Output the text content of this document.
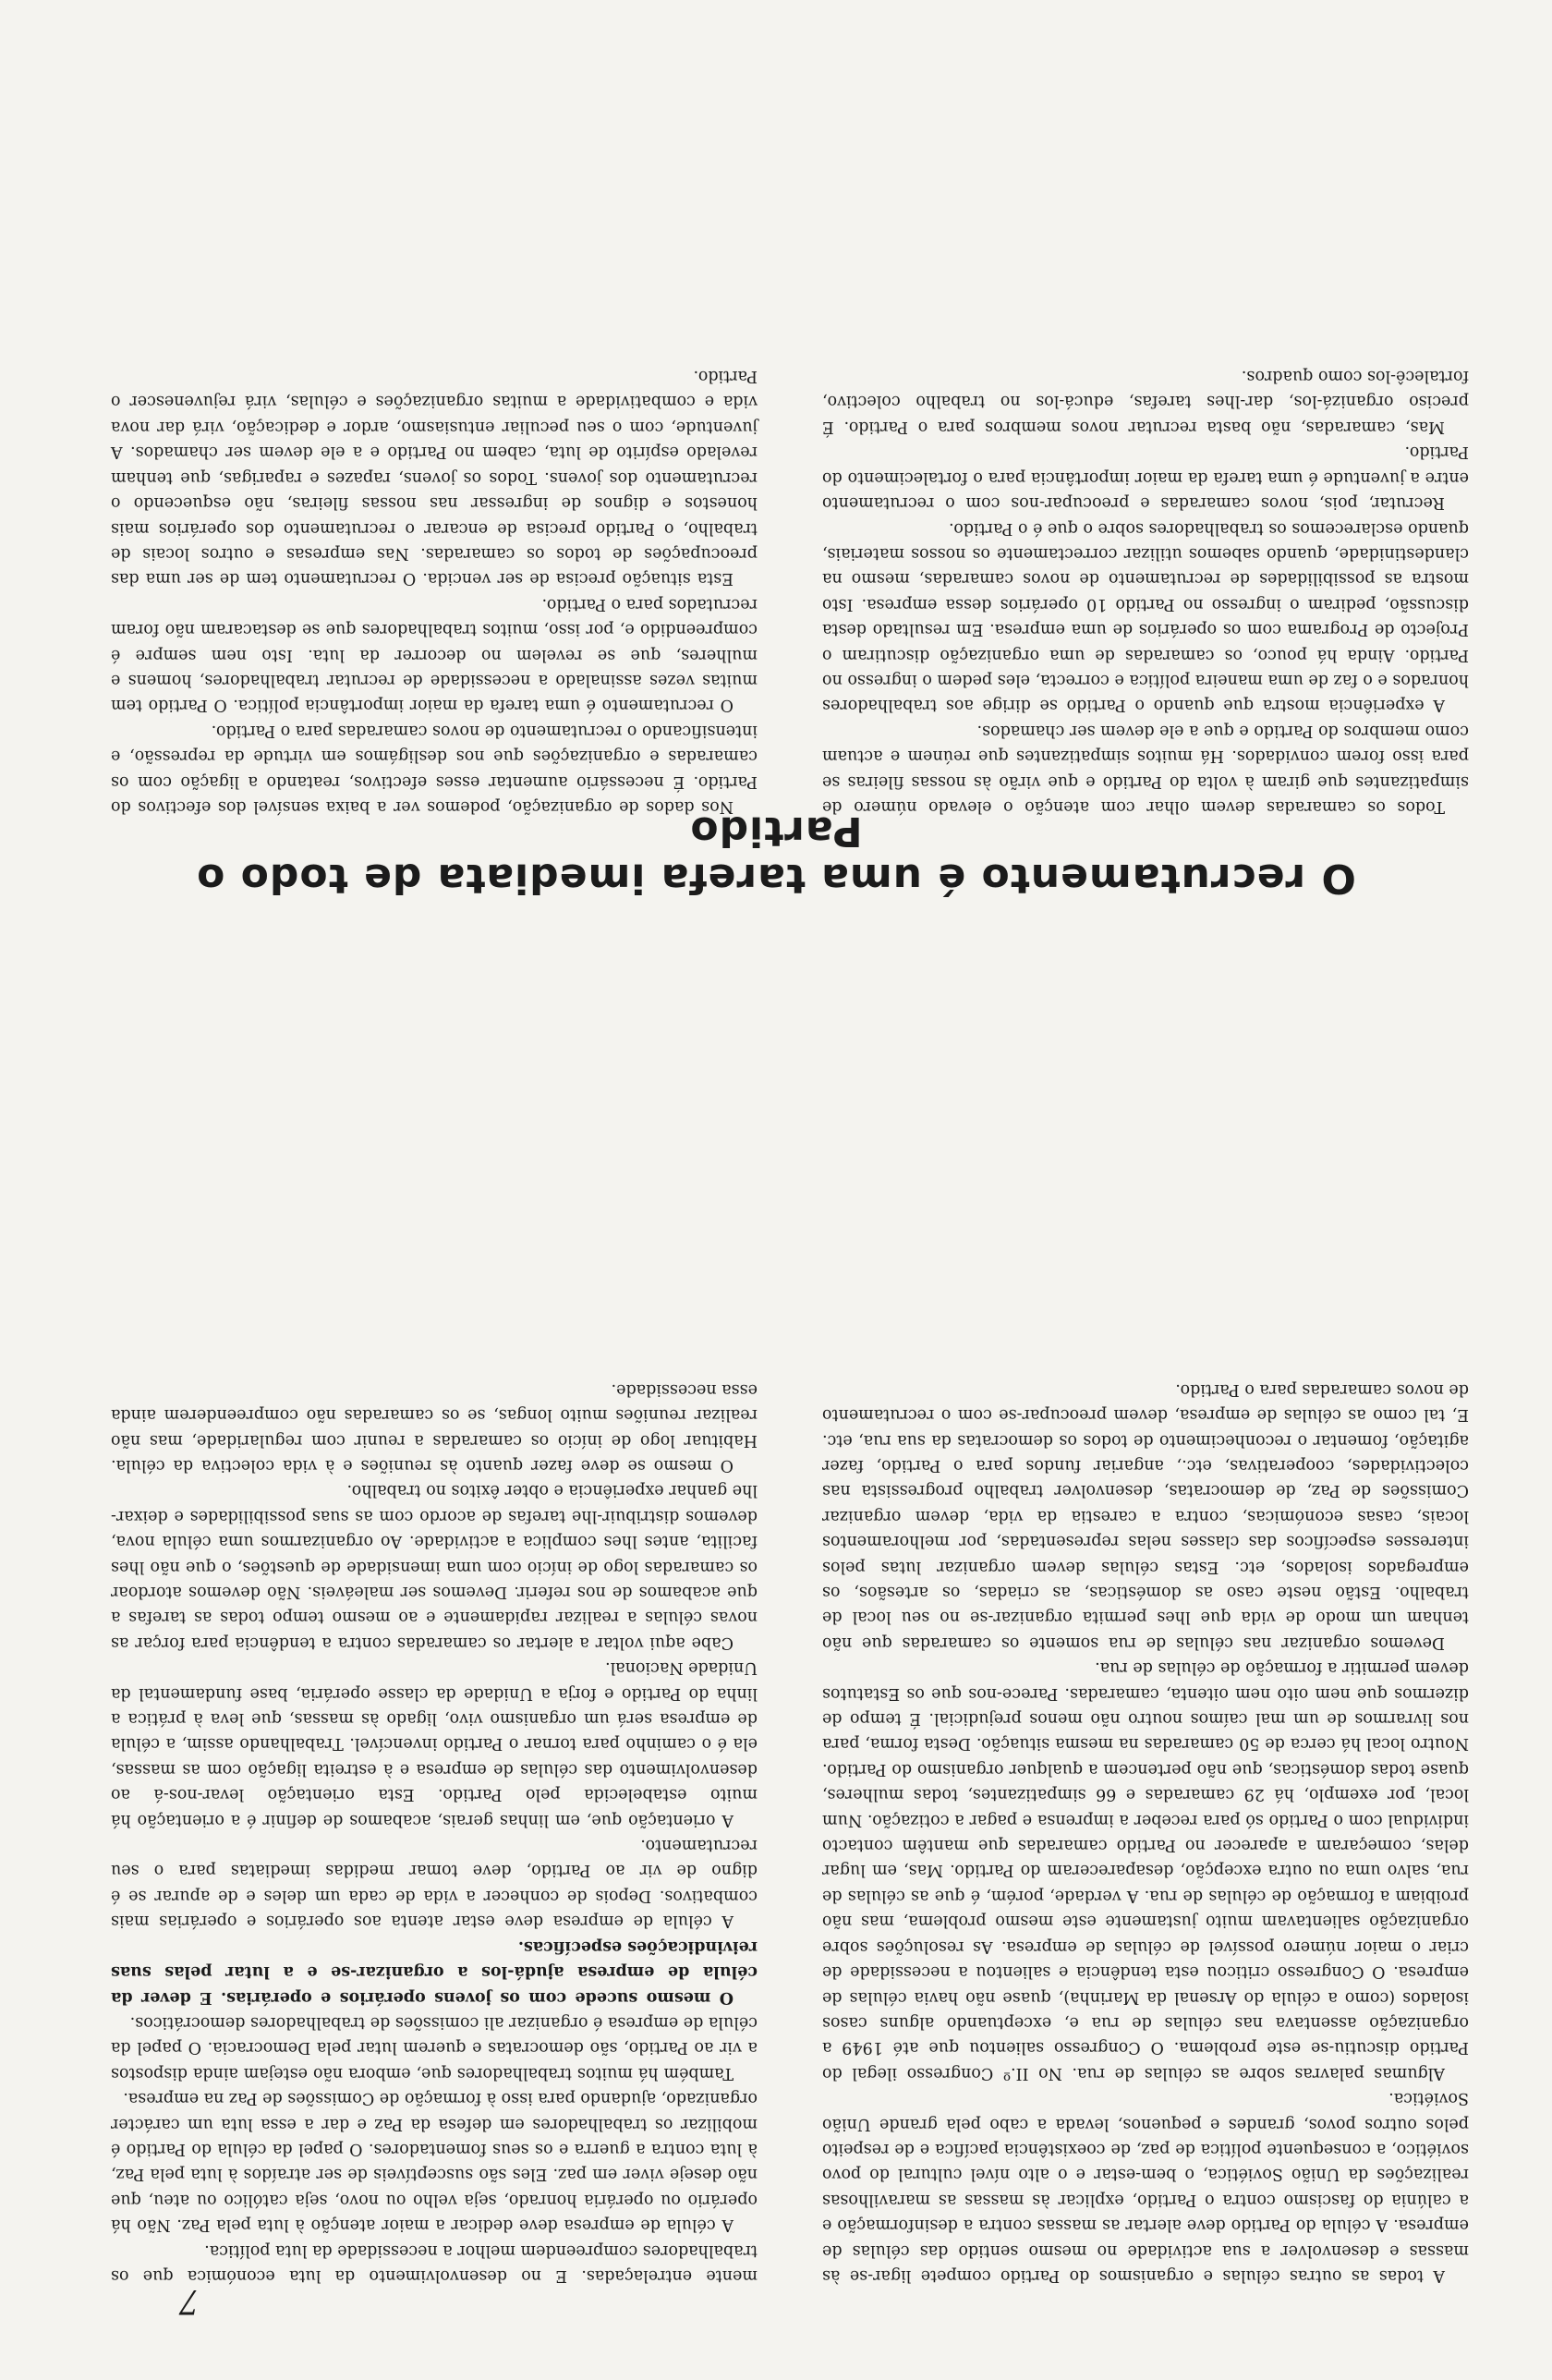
7

A todas as outras células e organismos do Partido compete ligar-se às massas e desenvolver a sua actividade no mesmo sentido das células de empresa. A célula do Partido deve alertar as massas contra a desinformação e a calúnia do fascismo contra o Partido, explicar às massas as maravilhosas realizações da União Soviética, o bem-estar e o alto nível cultural do povo soviético, a consequente política de paz, de coexistência pacífica e de respeito pelos outros povos, grandes e pequenos, levada a cabo pela grande União Soviética.

Algumas palavras sobre as células de rua. No II.º Congresso ilegal do Partido discutiu-se este problema. O Congresso salientou que até 1949 a organização assentava nas células de rua e, exceptuando alguns casos isolados (como a célula do Arsenal da Marinha), quase não havia células de empresa. O Congresso criticou esta tendência e salientou a necessidade de criar o maior número possível de células de empresa. As resoluções sobre organização salientavam muito justamente este mesmo problema, mas não proibiam a formação de células de rua. A verdade, porém, é que as células de rua, salvo uma ou outra excepção, desapareceram do Partido. Mas, em lugar delas, começaram a aparecer no Partido camaradas que mantêm contacto individual com o Partido só para receber a imprensa e pagar a cotização. Num local, por exemplo, há 29 camaradas e 66 simpatizantes, todas mulheres, quase todas domésticas, que não pertencem a qualquer organismo do Partido. Noutro local há cerca de 50 camaradas na mesma situação. Desta forma, para nos livrarmos de um mal caímos noutro não menos prejudicial. É tempo de dizermos que nem oito nem oitenta, camaradas. Parece-nos que os Estatutos devem permitir a formação de células de rua.

Devemos organizar nas células de rua somente os camaradas que não tenham um modo de vida que lhes permita organizar-se no seu local de trabalho. Estão neste caso as domésticas, as criadas, os artesãos, os empregados isolados, etc. Estas células devem organizar lutas pelos interesses específicos das classes nelas representadas, por melhoramentos locais, casas económicas, contra a carestia da vida, devem organizar Comissões de Paz, de democratas, desenvolver trabalho progressista nas colectividades, cooperativas, etc., angariar fundos para o Partido, fazer agitação, fomentar o reconhecimento de todos os democratas da sua rua, etc. E, tal como as células de empresa, devem preocupar-se com o recrutamento de novos camaradas para o Partido.

mente entrelaçadas. E no desenvolvimento da luta económica que os trabalhadores compreendem melhor a necessidade da luta política.

A célula de empresa deve dedicar a maior atenção à luta pela Paz. Não há operário ou operária honrado, seja velho ou novo, seja católico ou ateu, que não deseje viver em paz. Eles são susceptíveis de ser atraídos à luta pela Paz, à luta contra a guerra e os seus fomentadores. O papel da célula do Partido é mobilizar os trabalhadores em defesa da Paz e dar a essa luta um carácter organizado, ajudando para isso à formação de Comissões de Paz na empresa.

Também há muitos trabalhadores que, embora não estejam ainda dispostos a vir ao Partido, são democratas e querem lutar pela Democracia. O papel da célula de empresa é organizar ali comissões de trabalhadores democráticos.

O mesmo sucede com os jovens operários e operárias. E dever da célula de empresa ajudá-los a organizar-se e a lutar pelas suas reivindicações específicas.

A célula de empresa deve estar atenta aos operários e operárias mais combativos. Depois de conhecer a vida de cada um deles e de apurar se é digno de vir ao Partido, deve tomar medidas imediatas para o seu recrutamento.

A orientação que, em linhas gerais, acabamos de definir é a orientação há muito estabelecida pelo Partido. Esta orientação levar-nos-á ao desenvolvimento das células de empresa e à estreita ligação com as massas, ela é o caminho para tornar o Partido invencível. Trabalhando assim, a célula de empresa será um organismo vivo, ligado às massas, que leva à prática a linha do Partido e forja a Unidade da classe operária, base fundamental da Unidade Nacional.

Cabe aqui voltar a alertar os camaradas contra a tendência para forçar as novas células a realizar rapidamente e ao mesmo tempo todas as tarefas a que acabamos de nos referir. Devemos ser maleáveis. Não devemos atordoar os camaradas logo de início com uma imensidade de questões, o que não lhes facilita, antes lhes complica a actividade. Ao organizarmos uma célula nova, devemos distribuir-lhe tarefas de acordo com as suas possibilidades e deixar-lhe ganhar experiência e obter êxitos no trabalho.

O mesmo se deve fazer quanto às reuniões e à vida colectiva da célula. Habituar logo de início os camaradas a reunir com regularidade, mas não realizar reuniões muito longas, se os camaradas não compreenderem ainda essa necessidade.

O recrutamento é uma tarefa imediata de todo o Partido

Todos os camaradas devem olhar com atenção o elevado número de simpatizantes que giram à volta do Partido e que virão às nossas fileiras se para isso forem convidados. Há muitos simpatizantes que reúnem e actuam como membros do Partido e que a ele devem ser chamados.

A experiência mostra que quando o Partido se dirige aos trabalhadores honrados e o faz de uma maneira política e correcta, eles pedem o ingresso no Partido. Ainda há pouco, os camaradas de uma organização discutiram o Projecto de Programa com os operários de uma empresa. Em resultado desta discussão, pediram o ingresso no Partido 10 operários dessa empresa. Isto mostra as possibilidades de recrutamento de novos camaradas, mesmo na clandestinidade, quando sabemos utilizar correctamente os nossos materiais, quando esclarecemos os trabalhadores sobre o que é o Partido.

Recrutar, pois, novos camaradas e preocupar-nos com o recrutamento entre a juventude é uma tarefa da maior importância para o fortalecimento do Partido.

Mas, camaradas, não basta recrutar novos membros para o Partido. É preciso organizá-los, dar-lhes tarefas, educá-los no trabalho colectivo, fortalecê-los como quadros.

Nos dados de organização, podemos ver a baixa sensível dos efectivos do Partido. É necessário aumentar esses efectivos, reatando a ligação com os camaradas e organizações que nos desligámos em virtude da repressão, e intensificando o recrutamento de novos camaradas para o Partido.

O recrutamento é uma tarefa da maior importância política. O Partido tem muitas vezes assinalado a necessidade de recrutar trabalhadores, homens e mulheres, que se revelem no decorrer da luta. Isto nem sempre é compreendido e, por isso, muitos trabalhadores que se destacaram não foram recrutados para o Partido.

Esta situação precisa de ser vencida. O recrutamento tem de ser uma das preocupações de todos os camaradas. Nas empresas e outros locais de trabalho, o Partido precisa de encarar o recrutamento dos operários mais honestos e dignos de ingressar nas nossas fileiras, não esquecendo o recrutamento dos jovens. Todos os jovens, rapazes e raparigas, que tenham revelado espírito de luta, cabem no Partido e a ele devem ser chamados. A juventude, com o seu peculiar entusiasmo, ardor e dedicação, virá dar nova vida e combatividade a muitas organizações e células, virá rejuvenescer o Partido.
